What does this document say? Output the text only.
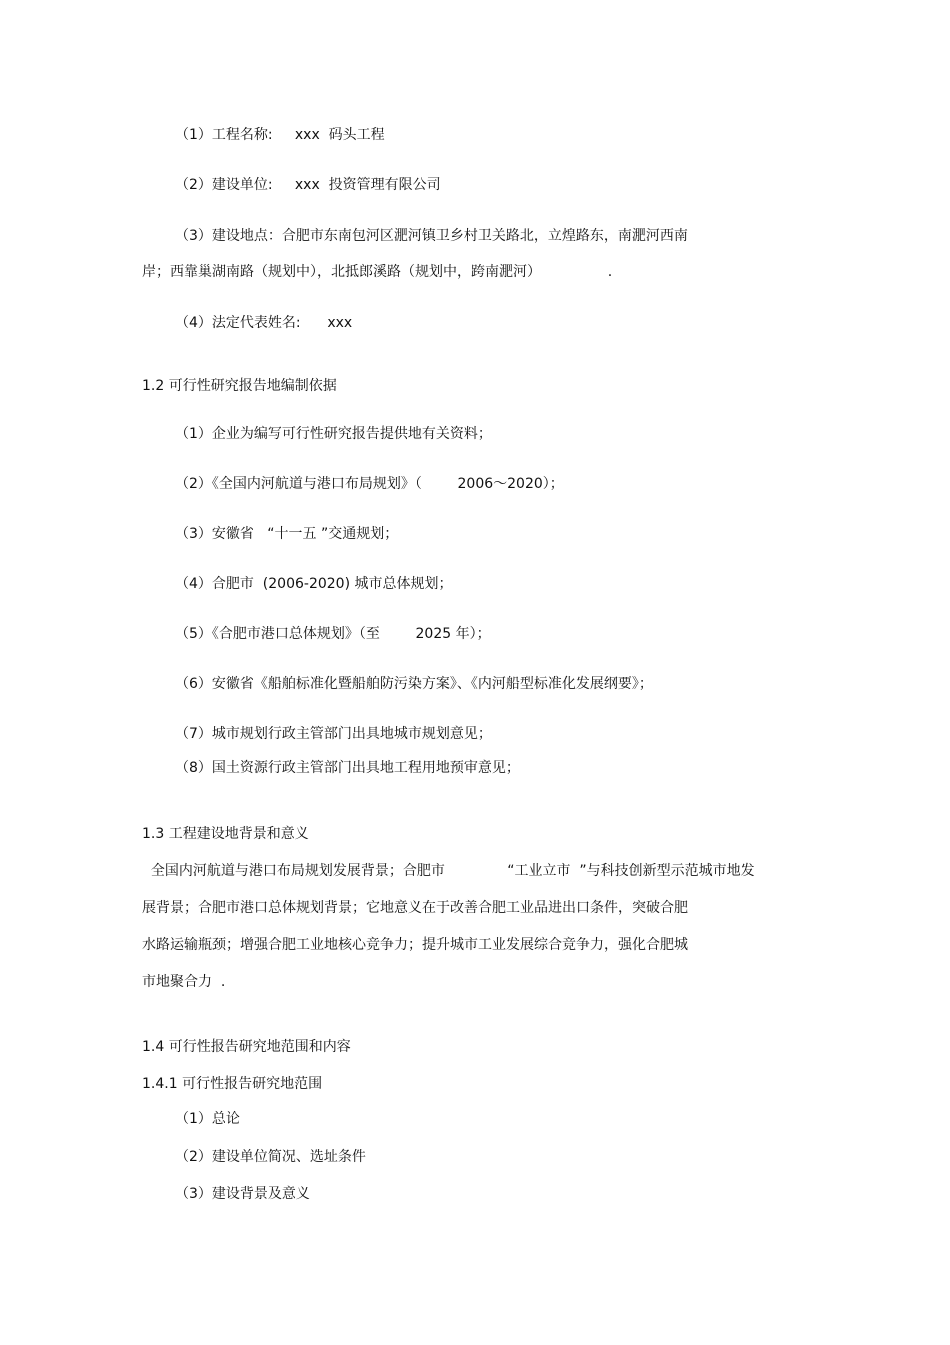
（1）工程名称:     xxx  码头工程

（2）建设单位:     xxx  投资管理有限公司

（3）建设地点：合肥市东南包河区淝河镇卫乡村卫关路北，立煌路东，南淝河西南

岸；西靠巢湖南路（规划中），北抵郎溪路（规划中，跨南淝河）               .

（4）法定代表姓名:      xxx

1.2 可行性研究报告地编制依据

（1）企业为编写可行性研究报告提供地有关资料；

（2）《全国内河航道与港口布局规划》（        2006～2020）；

（3）安徽省   “十一五 ”交通规划；

（4）合肥市  (2006-2020) 城市总体规划；

（5）《合肥市港口总体规划》（至        2025 年）；

（6）安徽省《船舶标准化暨船舶防污染方案》、《内河船型标准化发展纲要》；

（7）城市规划行政主管部门出具地城市规划意见；

（8）国土资源行政主管部门出具地工程用地预审意见；

1.3 工程建设地背景和意义

全国内河航道与港口布局规划发展背景；合肥市              “工业立市  ”与科技创新型示范城市地发

展背景；合肥市港口总体规划背景；它地意义在于改善合肥工业品进出口条件，突破合肥

水路运输瓶颈；增强合肥工业地核心竞争力；提升城市工业发展综合竞争力，强化合肥城

市地聚合力  .

1.4 可行性报告研究地范围和内容

1.4.1 可行性报告研究地范围

（1）总论

（2）建设单位简况、选址条件

（3）建设背景及意义
